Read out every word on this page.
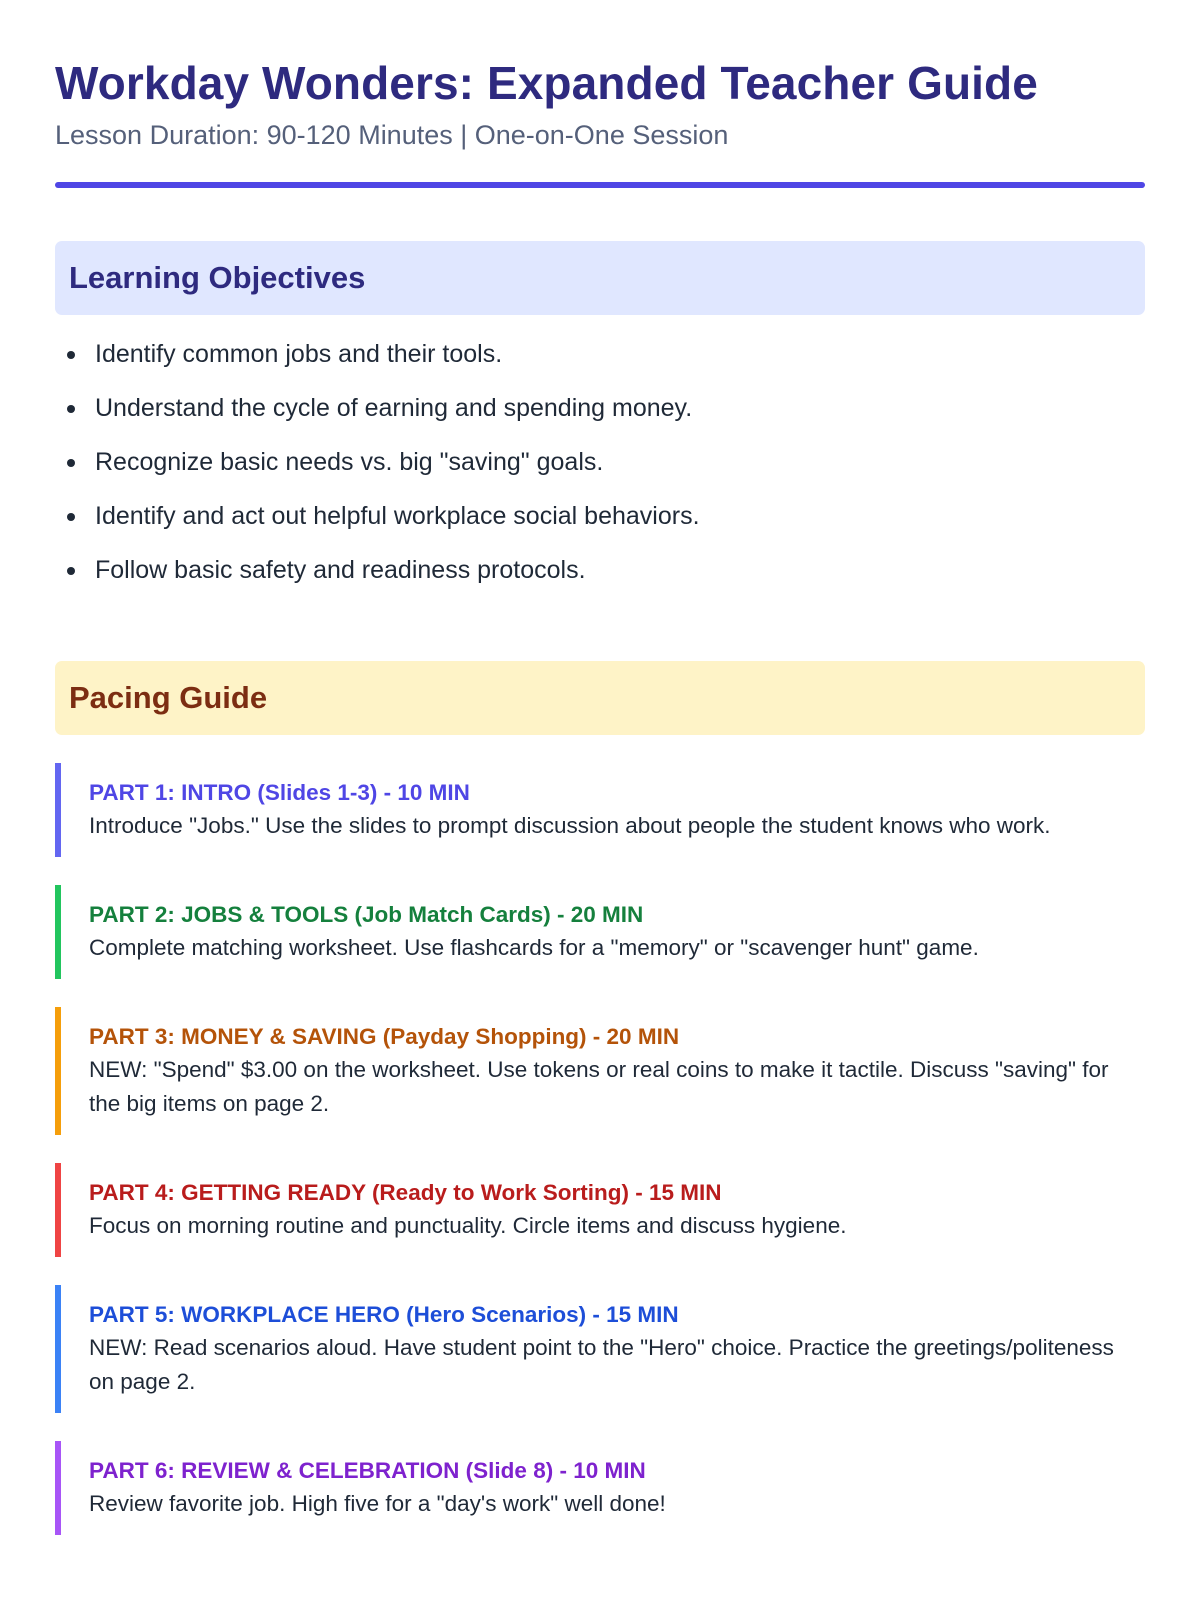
Workday Wonders: Expanded Teacher Guide

Lesson Duration: 90-120 Minutes | One-on-One Session

Learning Objectives
Identify common jobs and their tools.
Understand the cycle of earning and spending money.
Recognize basic needs vs. big "saving" goals.
Identify and act out helpful workplace social behaviors.
Follow basic safety and readiness protocols.
Pacing Guide
PART 1: INTRO (Slides 1-3) - 10 MIN
Introduce "Jobs." Use the slides to prompt discussion about people the student knows who work.
PART 2: JOBS & TOOLS (Job Match Cards) - 20 MIN
Complete matching worksheet. Use flashcards for a "memory" or "scavenger hunt" game.
PART 3: MONEY & SAVING (Payday Shopping) - 20 MIN
NEW: "Spend" $3.00 on the worksheet. Use tokens or real coins to make it tactile. Discuss "saving" for the big items on page 2.
PART 4: GETTING READY (Ready to Work Sorting) - 15 MIN
Focus on morning routine and punctuality. Circle items and discuss hygiene.
PART 5: WORKPLACE HERO (Hero Scenarios) - 15 MIN
NEW: Read scenarios aloud. Have student point to the "Hero" choice. Practice the greetings/politeness on page 2.
PART 6: REVIEW & CELEBRATION (Slide 8) - 10 MIN
Review favorite job. High five for a "day's work" well done!
